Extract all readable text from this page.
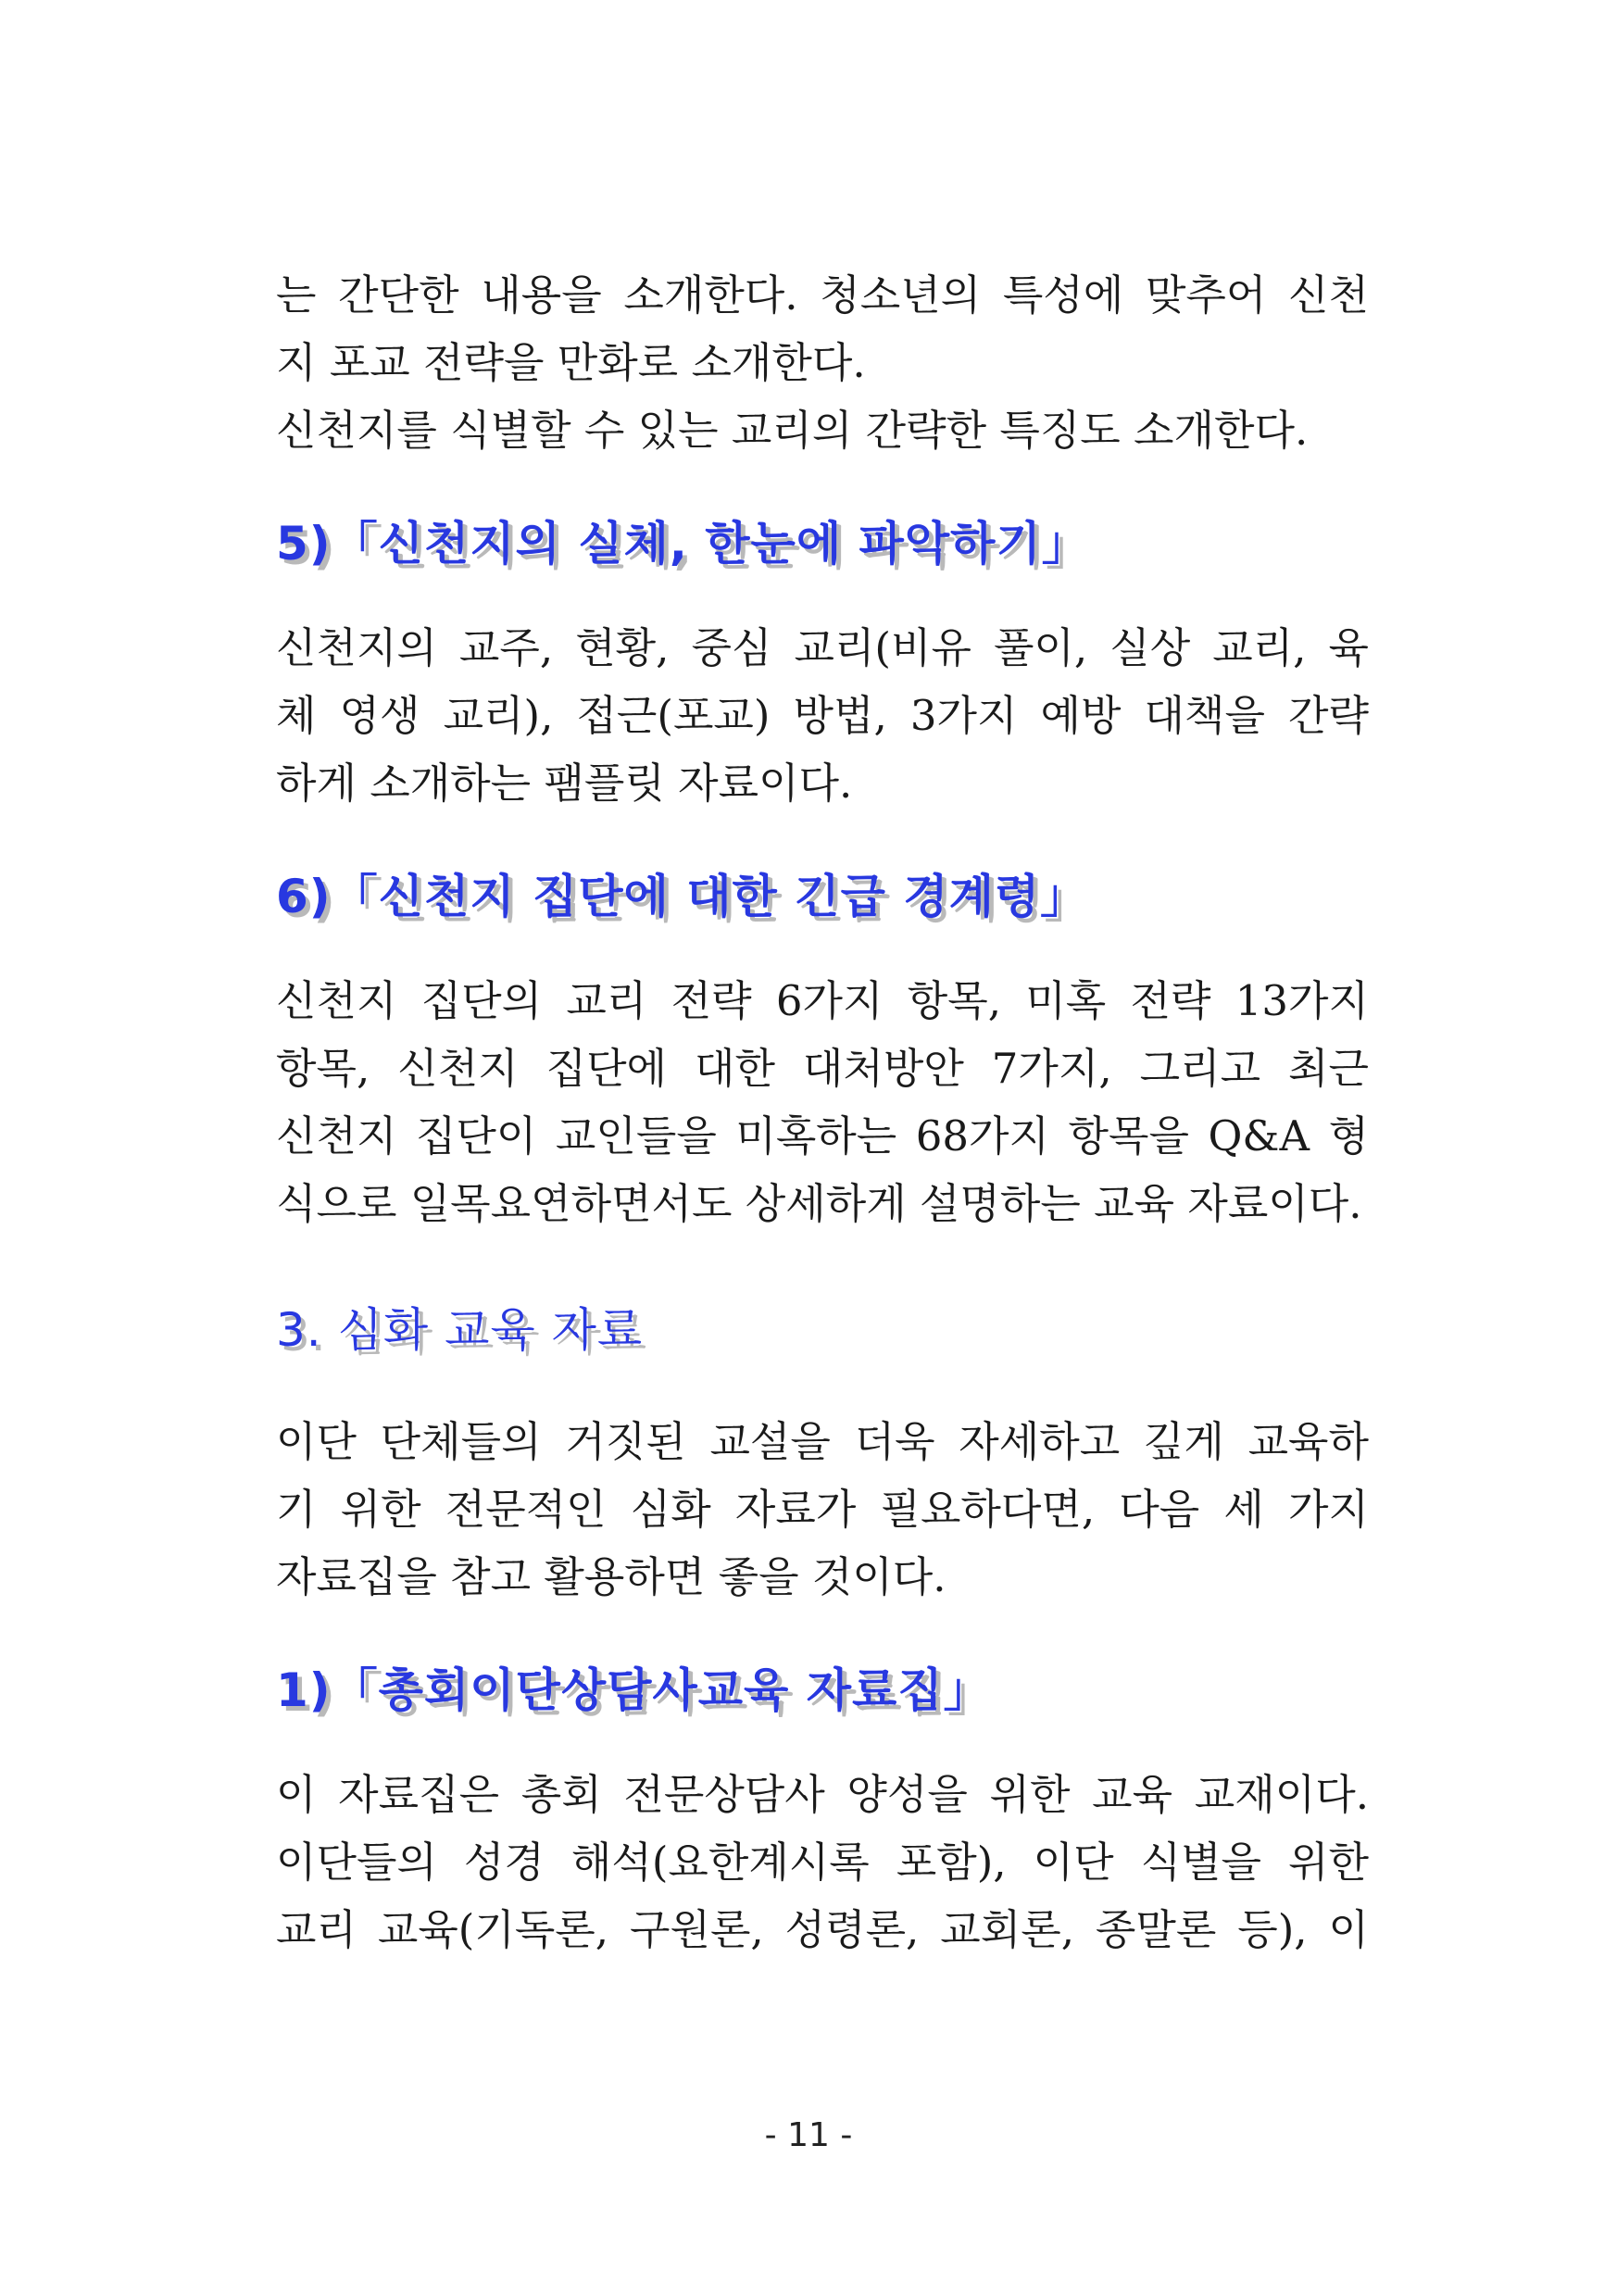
는 간단한 내용을 소개한다. 청소년의 특성에 맞추어 신천
지 포교 전략을 만화로 소개한다.
신천지를 식별할 수 있는 교리의 간략한 특징도 소개한다.

5)「신천지의 실체, 한눈에 파악하기」

신천지의 교주, 현황, 중심 교리(비유 풀이, 실상 교리, 육
체 영생 교리), 접근(포교) 방법, 3가지 예방 대책을 간략
하게 소개하는 팸플릿 자료이다.

6)「신천지 집단에 대한 긴급 경계령」

신천지 집단의 교리 전략 6가지 항목, 미혹 전략 13가지
항목, 신천지 집단에 대한 대처방안 7가지, 그리고 최근
신천지 집단이 교인들을 미혹하는 68가지 항목을 Q&A 형
식으로 일목요연하면서도 상세하게 설명하는 교육 자료이다.

3. 심화 교육 자료

이단 단체들의 거짓된 교설을 더욱 자세하고 깊게 교육하
기 위한 전문적인 심화 자료가 필요하다면, 다음 세 가지
자료집을 참고 활용하면 좋을 것이다.

1)「총회이단상담사교육 자료집」

이 자료집은 총회 전문상담사 양성을 위한 교육 교재이다.
이단들의 성경 해석(요한계시록 포함), 이단 식별을 위한
교리 교육(기독론, 구원론, 성령론, 교회론, 종말론 등), 이

- 11 -
